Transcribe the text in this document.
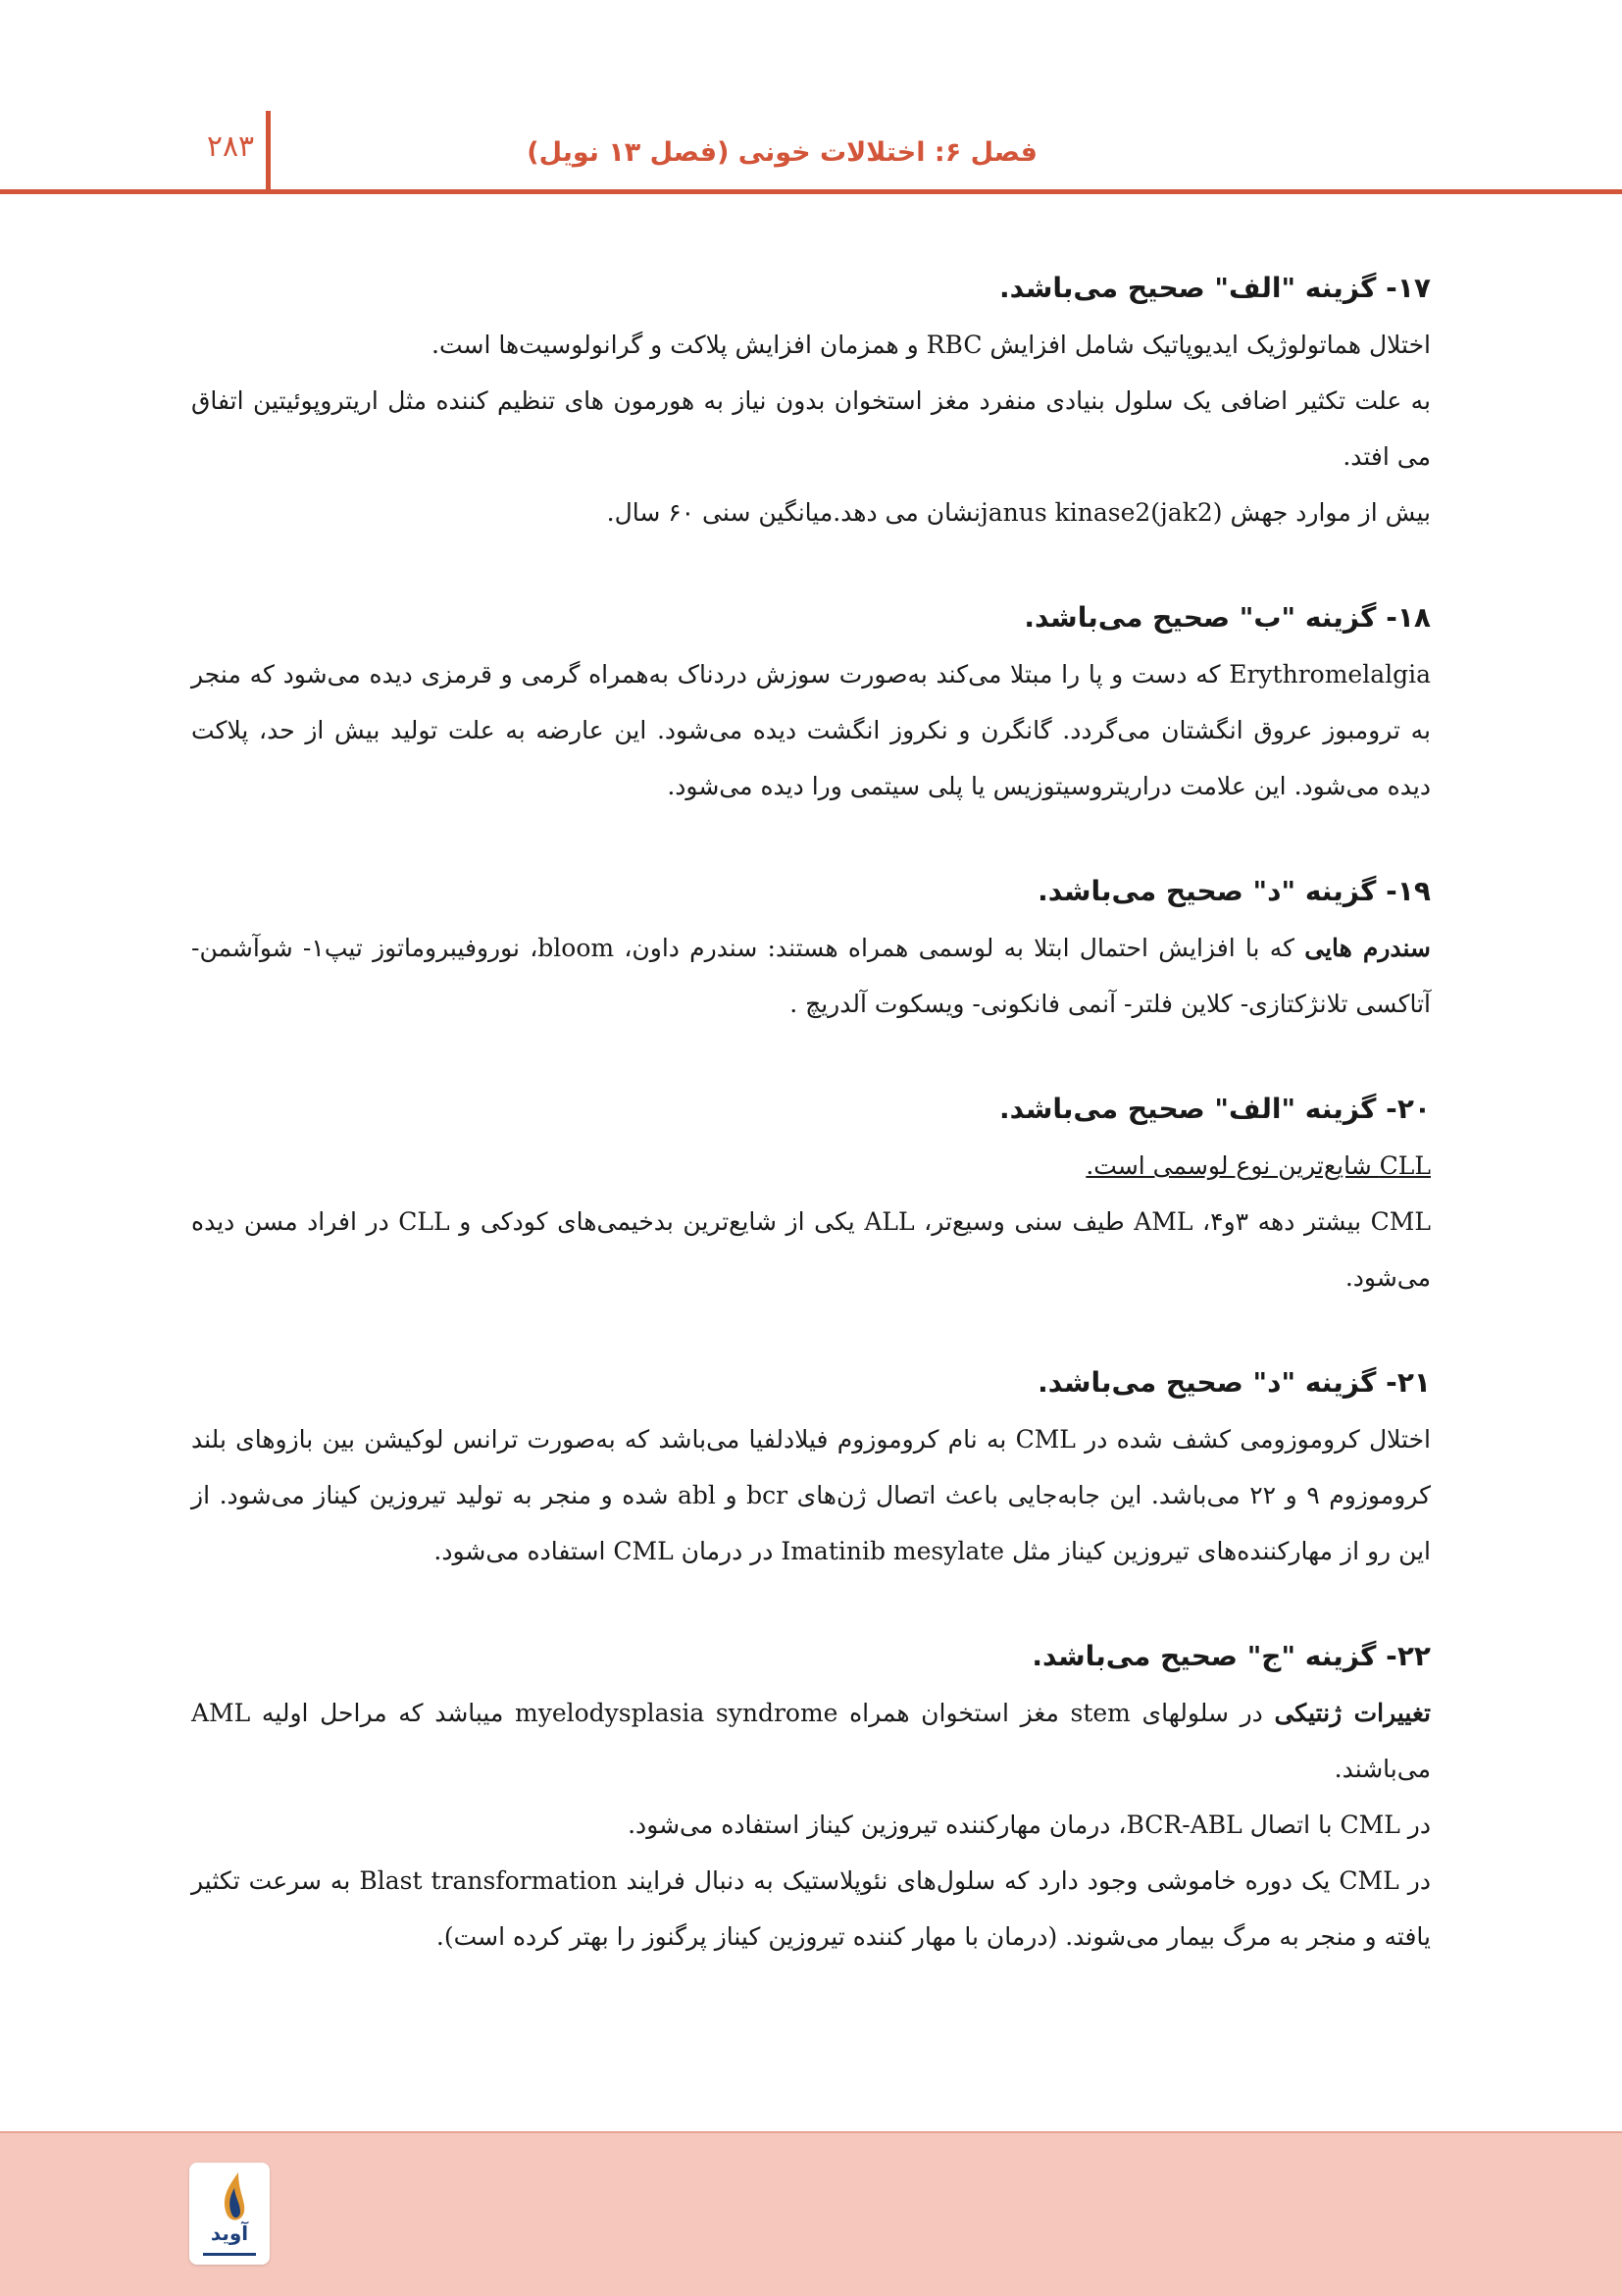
۲۸۳	فصل ۶: اختلالات خونی (فصل ۱۳ نویل)

۱۷- گزینه "الف" صحیح می‌باشد.

اختلال هماتولوژیک ایدیوپاتیک شامل افزایش RBC و همزمان افزایش پلاکت و گرانولوسیت‌ها است.

به علت تکثیر اضافی یک سلول بنیادی منفرد مغز استخوان بدون نیاز به هورمون های تنظیم کننده مثل اریتروپوئیتین اتفاق می افتد.

بیش از موارد جهش (janus kinase2(jak2نشان می دهد.میانگین سنی ۶۰ سال.

۱۸- گزینه "ب" صحیح می‌باشد.

Erythromelalgia که دست و پا را مبتلا می‌کند به‌صورت سوزش دردناک به‌همراه گرمی و قرمزی دیده می‌شود که منجر به ترومبوز عروق انگشتان می‌گردد. گانگرن و نکروز انگشت دیده می‌شود. این عارضه به علت تولید بیش از حد، پلاکت دیده می‌شود. این علامت دراریتروسیتوزیس یا پلی سیتمی ورا دیده می‌شود.

۱۹- گزینه "د" صحیح می‌باشد.

سندرم هایی که با افزایش احتمال ابتلا به لوسمی همراه هستند: سندرم داون، bloom، نوروفیبروماتوز تیپ۱- شوآشمن- آتاکسی تلانژکتازی- کلاین فلتر- آنمی فانکونی- ویسکوت آلدریچ .

۲۰- گزینه "الف" صحیح می‌باشد.

CLL شایع‌ترین نوع لوسمی است.

CML بیشتر دهه ۳و۴، AML طیف سنی وسیع‌تر، ALL یکی از شایع‌ترین بدخیمی‌های کودکی و CLL در افراد مسن دیده می‌شود.

۲۱- گزینه "د" صحیح می‌باشد.

اختلال کروموزومی کشف شده در CML به نام کروموزوم فیلادلفیا می‌باشد که به‌صورت ترانس لوکیشن بین بازوهای بلند کروموزوم ۹ و ۲۲ می‌باشد. این جابه‌جایی باعث اتصال ژن‌های bcr و abl شده و منجر به تولید تیروزین کیناز می‌شود. از این رو از مهارکننده‌های تیروزین کیناز مثل Imatinib mesylate در درمان CML استفاده می‌شود.

۲۲- گزینه "ج" صحیح می‌باشد.

تغییرات ژنتیکی در سلولهای stem مغز استخوان همراه myelodysplasia syndrome میباشد که مراحل اولیه AML می‌باشند.

در CML با اتصال BCR-ABL، درمان مهارکننده تیروزین کیناز استفاده می‌شود.

در CML یک دوره خاموشی وجود دارد که سلول‌های نئوپلاستیک به دنبال فرایند Blast transformation به سرعت تکثیر یافته و منجر به مرگ بیمار می‌شوند. (درمان با مهار کننده تیروزین کیناز پرگنوز را بهتر کرده است).

آوید
